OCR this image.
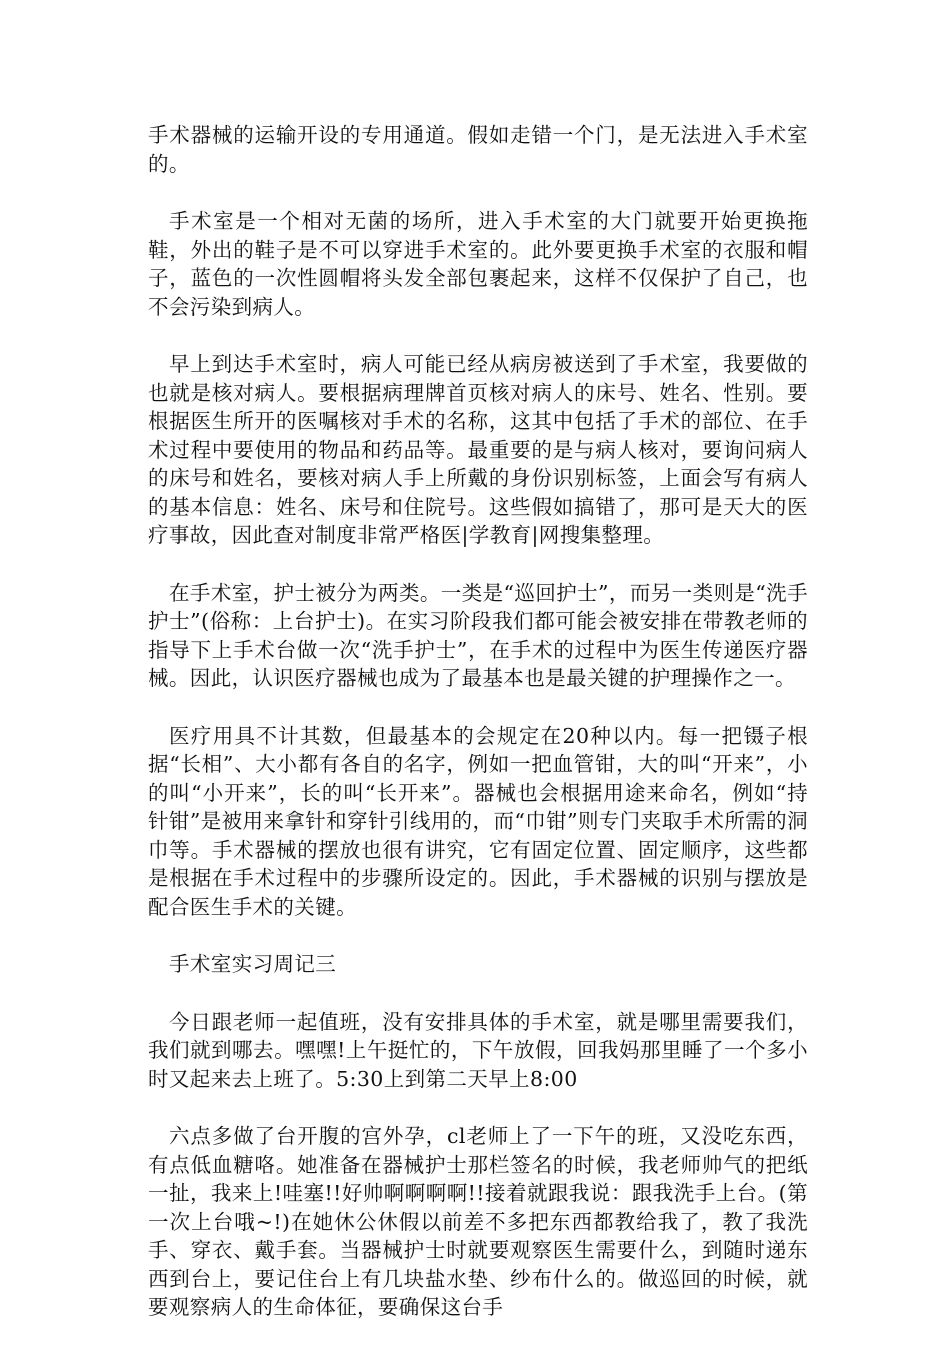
手术器械的运输开设的专用通道。假如走错一个门，是无法进入手术室的。

手术室是一个相对无菌的场所，进入手术室的大门就要开始更换拖鞋，外出的鞋子是不可以穿进手术室的。此外要更换手术室的衣服和帽子，蓝色的一次性圆帽将头发全部包裹起来，这样不仅保护了自己，也不会污染到病人。

早上到达手术室时，病人可能已经从病房被送到了手术室，我要做的也就是核对病人。要根据病理牌首页核对病人的床号、姓名、性别。要根据医生所开的医嘱核对手术的名称，这其中包括了手术的部位、在手术过程中要使用的物品和药品等。最重要的是与病人核对，要询问病人的床号和姓名，要核对病人手上所戴的身份识别标签，上面会写有病人的基本信息：姓名、床号和住院号。这些假如搞错了，那可是天大的医疗事故，因此查对制度非常严格医|学教育|网搜集整理。

在手术室，护士被分为两类。一类是“巡回护士”，而另一类则是“洗手护士”(俗称：上台护士)。在实习阶段我们都可能会被安排在带教老师的指导下上手术台做一次“洗手护士”，在手术的过程中为医生传递医疗器械。因此，认识医疗器械也成为了最基本也是最关键的护理操作之一。

医疗用具不计其数，但最基本的会规定在20种以内。每一把镊子根据“长相”、大小都有各自的名字，例如一把血管钳，大的叫“开来”，小的叫“小开来”，长的叫“长开来”。器械也会根据用途来命名，例如“持针钳”是被用来拿针和穿针引线用的，而“巾钳”则专门夹取手术所需的洞巾等。手术器械的摆放也很有讲究，它有固定位置、固定顺序，这些都是根据在手术过程中的步骤所设定的。因此，手术器械的识别与摆放是配合医生手术的关键。

手术室实习周记三

今日跟老师一起值班，没有安排具体的手术室，就是哪里需要我们，我们就到哪去。嘿嘿!上午挺忙的，下午放假，回我妈那里睡了一个多小时又起来去上班了。5:30上到第二天早上8:00

六点多做了台开腹的宫外孕，cl老师上了一下午的班，又没吃东西，有点低血糖咯。她准备在器械护士那栏签名的时候，我老师帅气的把纸一扯，我来上!哇塞!!好帅啊啊啊啊!!接着就跟我说：跟我洗手上台。(第一次上台哦~!)在她休公休假以前差不多把东西都教给我了，教了我洗手、穿衣、戴手套。当器械护士时就要观察医生需要什么，到随时递东西到台上，要记住台上有几块盐水垫、纱布什么的。做巡回的时候，就要观察病人的生命体征，要确保这台手
